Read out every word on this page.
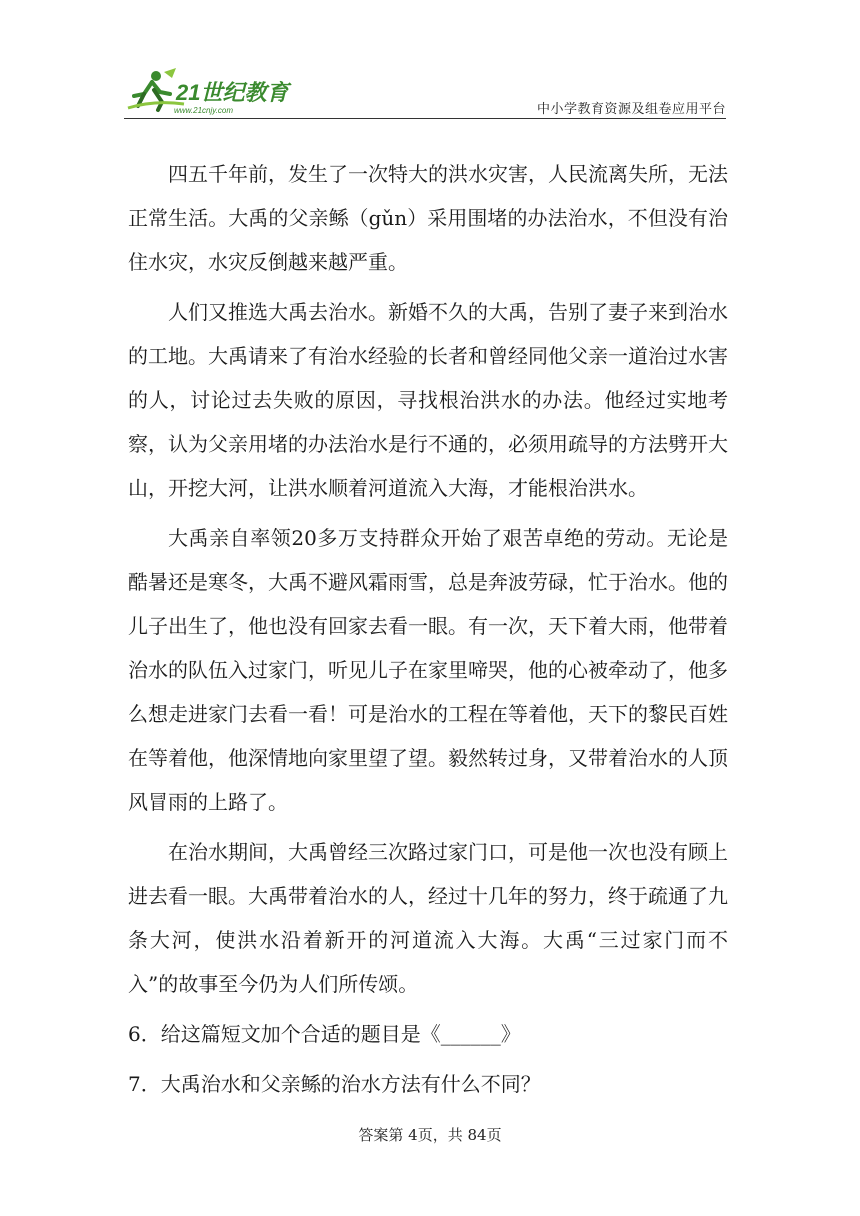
21世纪教育
www.21cnjy.com	中小学教育资源及组卷应用平台

四五千年前，发生了一次特大的洪水灾害，人民流离失所，无法正常生活。大禹的父亲鲧（gǔn）采用围堵的办法治水，不但没有治住水灾，水灾反倒越来越严重。

人们又推选大禹去治水。新婚不久的大禹，告别了妻子来到治水的工地。大禹请来了有治水经验的长者和曾经同他父亲一道治过水害的人，讨论过去失败的原因，寻找根治洪水的办法。他经过实地考察，认为父亲用堵的办法治水是行不通的，必须用疏导的方法劈开大山，开挖大河，让洪水顺着河道流入大海，才能根治洪水。

大禹亲自率领20多万支持群众开始了艰苦卓绝的劳动。无论是酷暑还是寒冬，大禹不避风霜雨雪，总是奔波劳碌，忙于治水。他的儿子出生了，他也没有回家去看一眼。有一次，天下着大雨，他带着治水的队伍入过家门，听见儿子在家里啼哭，他的心被牵动了，他多么想走进家门去看一看！可是治水的工程在等着他，天下的黎民百姓在等着他，他深情地向家里望了望。毅然转过身，又带着治水的人顶风冒雨的上路了。

在治水期间，大禹曾经三次路过家门口，可是他一次也没有顾上进去看一眼。大禹带着治水的人，经过十几年的努力，终于疏通了九条大河，使洪水沿着新开的河道流入大海。大禹“三过家门而不入”的故事至今仍为人们所传颂。

6．给这篇短文加个合适的题目是《______》

7．大禹治水和父亲鲧的治水方法有什么不同？

答案第 4页，共 84页
